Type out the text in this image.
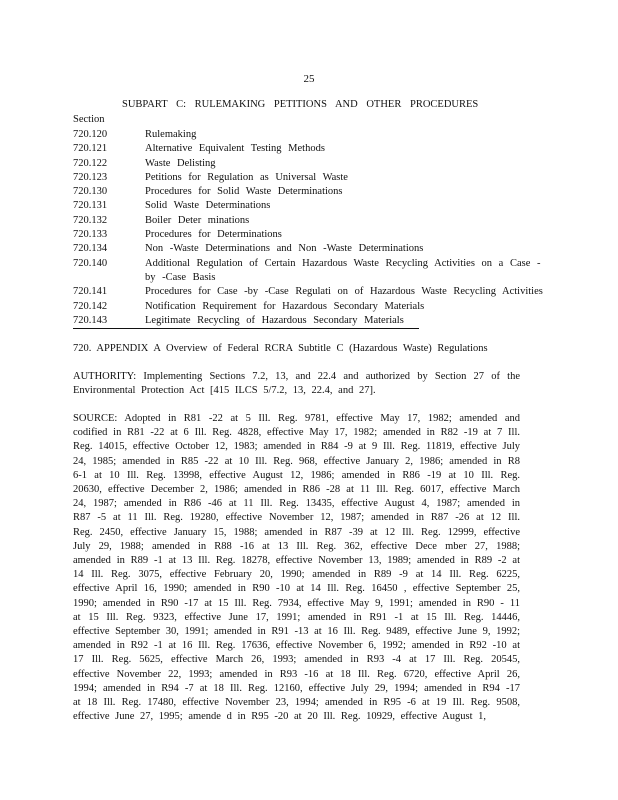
25
SUBPART C: RULEMAKING PETITIONS AND OTHER PROCEDURES
Section
720.120	Rulemaking
720.121	Alternative Equivalent Testing Methods
720.122	Waste Delisting
720.123	Petitions for Regulation as Universal Waste
720.130	Procedures for Solid Waste Determinations
720.131	Solid Waste Determinations
720.132	Boiler Deter minations
720.133	Procedures for Determinations
720.134	Non -Waste Determinations and Non -Waste Determinations
720.140	Additional Regulation of Certain Hazardous Waste Recycling Activities on a Case -by -Case Basis
720.141	Procedures for Case -by -Case Regulati on of Hazardous Waste Recycling Activities
720.142	Notification Requirement for Hazardous Secondary Materials
720.143	Legitimate Recycling of Hazardous Secondary Materials
720. APPENDIX A Overview of Federal RCRA Subtitle C (Hazardous Waste) Regulations
AUTHORITY: Implementing Sections 7.2, 13, and 22.4 and authorized by Section 27 of the Environmental Protection Act [415 ILCS 5/7.2, 13, 22.4, and 27].
SOURCE: Adopted in R81 -22 at 5 Ill. Reg. 9781, effective May 17, 1982; amended and codified in R81 -22 at 6 Ill. Reg. 4828, effective May 17, 1982; amended in R82 -19 at 7 Ill. Reg. 14015, effective October 12, 1983; amended in R84 -9 at 9 Ill. Reg. 11819, effective July 24, 1985; amended in R85 -22 at 10 Ill. Reg. 968, effective January 2, 1986; amended in R8 6-1 at 10 Ill. Reg. 13998, effective August 12, 1986; amended in R86 -19 at 10 Ill. Reg. 20630, effective December 2, 1986; amended in R86 -28 at 11 Ill. Reg. 6017, effective March 24, 1987; amended in R86 -46 at 11 Ill. Reg. 13435, effective August 4, 1987; amended in R87 -5 at 11 Ill. Reg. 19280, effective November 12, 1987; amended in R87 -26 at 12 Ill. Reg. 2450, effective January 15, 1988; amended in R87 -39 at 12 Ill. Reg. 12999, effective July 29, 1988; amended in R88 -16 at 13 Ill. Reg. 362, effective Dece mber 27, 1988; amended in R89 -1 at 13 Ill. Reg. 18278, effective November 13, 1989; amended in R89 -2 at 14 Ill. Reg. 3075, effective February 20, 1990; amended in R89 -9 at 14 Ill. Reg. 6225, effective April 16, 1990; amended in R90 -10 at 14 Ill. Reg. 16450 , effective September 25, 1990; amended in R90 -17 at 15 Ill. Reg. 7934, effective May 9, 1991; amended in R90 - 11 at 15 Ill. Reg. 9323, effective June 17, 1991; amended in R91 -1 at 15 Ill. Reg. 14446, effective September 30, 1991; amended in R91 -13 at 16 Ill. Reg. 9489, effective June 9, 1992; amended in R92 -1 at 16 Ill. Reg. 17636, effective November 6, 1992; amended in R92 -10 at 17 Ill. Reg. 5625, effective March 26, 1993; amended in R93 -4 at 17 Ill. Reg. 20545, effective November 22, 1993; amended in R93 -16 at 18 Ill. Reg. 6720, effective April 26, 1994; amended in R94 -7 at 18 Ill. Reg. 12160, effective July 29, 1994; amended in R94 -17 at 18 Ill. Reg. 17480, effective November 23, 1994; amended in R95 -6 at 19 Ill. Reg. 9508, effective June 27, 1995; amende d in R95 -20 at 20 Ill. Reg. 10929, effective August 1,
